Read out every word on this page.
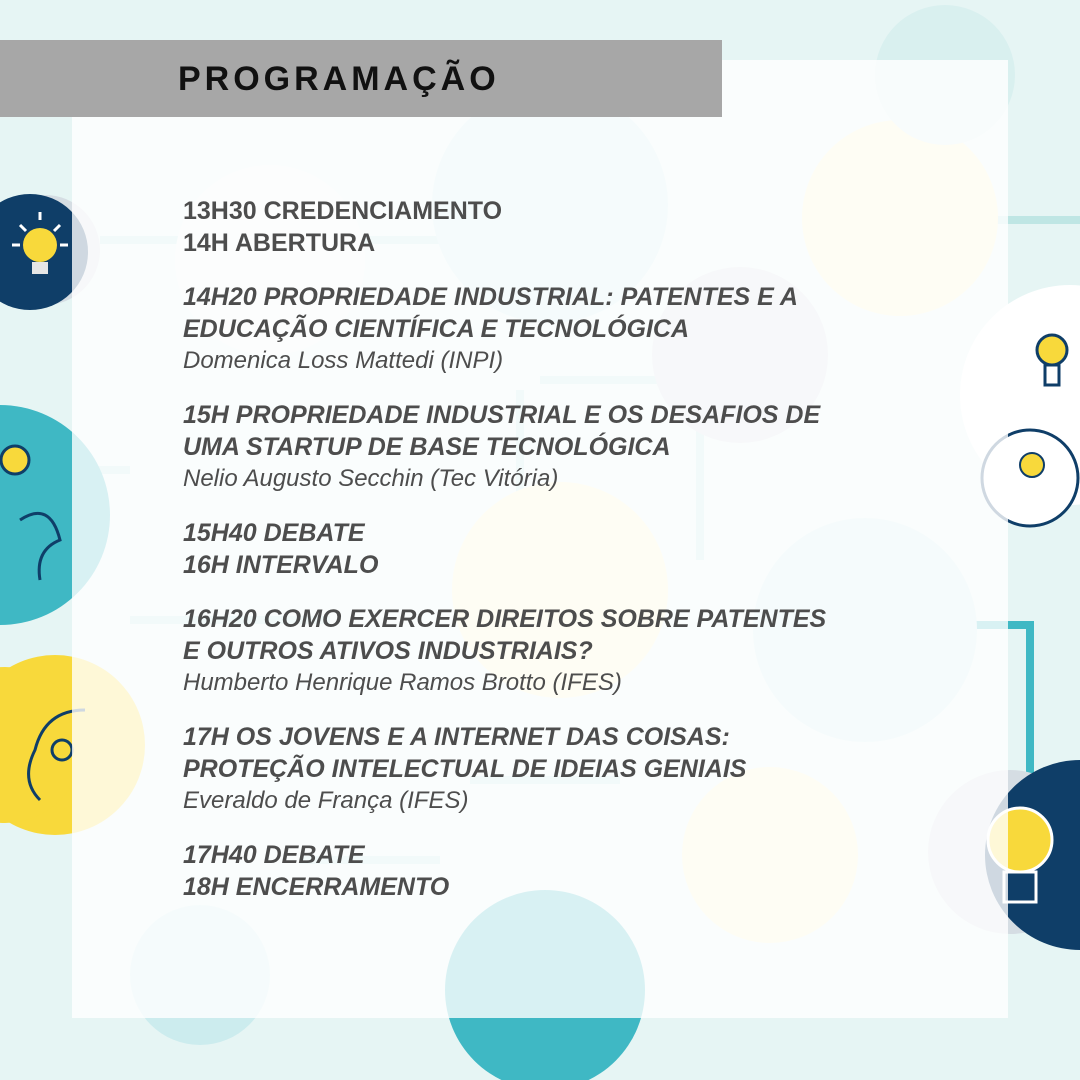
PROGRAMAÇÃO
13H30 CREDENCIAMENTO
14H ABERTURA
14H20 PROPRIEDADE INDUSTRIAL: PATENTES E A
EDUCAÇÃO CIENTÍFICA E TECNOLÓGICA
Domenica Loss Mattedi (INPI)
15H PROPRIEDADE INDUSTRIAL E OS DESAFIOS DE
UMA STARTUP DE BASE TECNOLÓGICA
Nelio Augusto Secchin (Tec Vitória)
15H40 DEBATE
16H INTERVALO
16H20 COMO EXERCER DIREITOS SOBRE PATENTES
E OUTROS ATIVOS INDUSTRIAIS?
Humberto Henrique Ramos Brotto (IFES)
17H OS JOVENS E A INTERNET DAS COISAS:
PROTEÇÃO INTELECTUAL DE IDEIAS GENIAIS
Everaldo de França (IFES)
17H40 DEBATE
18H ENCERRAMENTO
